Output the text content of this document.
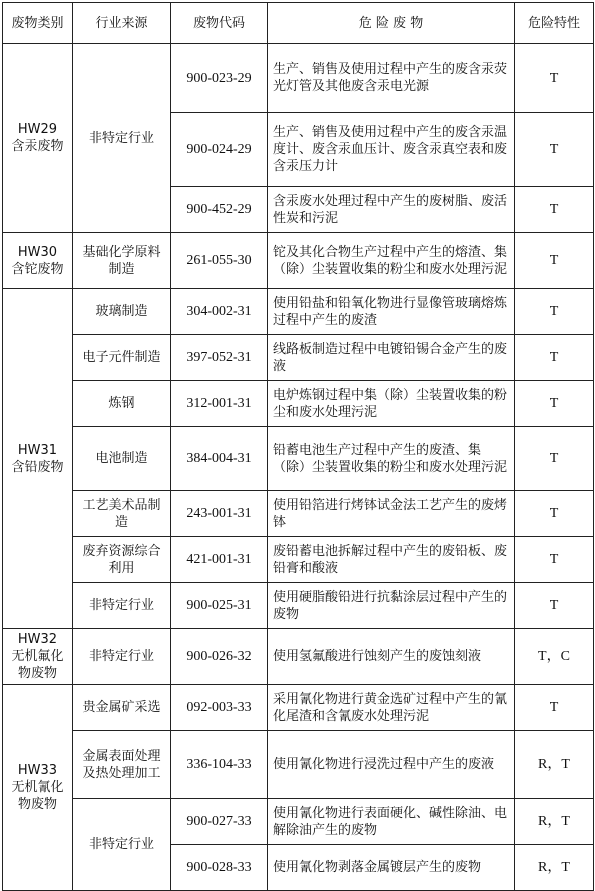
废物类别	行业来源	废物代码	危 险 废 物	危险特性
HW29
含汞废物	非特定行业	900-023-29	生产、销售及使用过程中产生的废含汞荧光灯管及其他废含汞电光源	T
		900-024-29	生产、销售及使用过程中产生的废含汞温度计、废含汞血压计、废含汞真空表和废含汞压力计	T
		900-452-29	含汞废水处理过程中产生的废树脂、废活性炭和污泥	T
HW30
含铊废物	基础化学原料制造	261-055-30	铊及其化合物生产过程中产生的熔渣、集（除）尘装置收集的粉尘和废水处理污泥	T
HW31
含铅废物	玻璃制造	304-002-31	使用铅盐和铅氧化物进行显像管玻璃熔炼过程中产生的废渣	T
	电子元件制造	397-052-31	线路板制造过程中电镀铅锡合金产生的废液	T
	炼钢	312-001-31	电炉炼钢过程中集（除）尘装置收集的粉尘和废水处理污泥	T
	电池制造	384-004-31	铅蓄电池生产过程中产生的废渣、集（除）尘装置收集的粉尘和废水处理污泥	T
	工艺美术品制造	243-001-31	使用铅箔进行烤钵试金法工艺产生的废烤钵	T
	废弃资源综合利用	421-001-31	废铅蓄电池拆解过程中产生的废铅板、废铅膏和酸液	T
	非特定行业	900-025-31	使用硬脂酸铅进行抗黏涂层过程中产生的废物	T
HW32
无机氟化
物废物	非特定行业	900-026-32	使用氢氟酸进行蚀刻产生的废蚀刻液	T，C
HW33
无机氰化
物废物	贵金属矿采选	092-003-33	采用氰化物进行黄金选矿过程中产生的氰化尾渣和含氰废水处理污泥	T
	金属表面处理及热处理加工	336-104-33	使用氰化物进行浸洗过程中产生的废液	R，T
	非特定行业	900-027-33	使用氰化物进行表面硬化、碱性除油、电解除油产生的废物	R，T
		900-028-33	使用氰化物剥落金属镀层产生的废物	R，T
